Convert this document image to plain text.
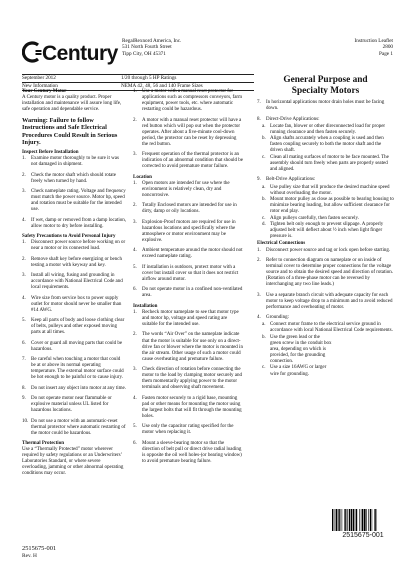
Century
RegalRexnord America, Inc.
531 North Fourth Street
Tipp City, OH 45371
Instruction Leaflet
2800
Page 1
September 2012	1/20 through 5 HP Ratings
New Information	NEMA 42, 48, 56 and 140 Frame Sizes
Your Century Motor

A Century motor is a quality product. Proper installation and maintenance will assure long life, safe operation and dependable service.

Warning: Failure to follow Instructions and Safe Electrical Procedures Could Result in Serious Injury.

Inspect Before Installation
1. Examine motor thoroughly to be sure it was not damaged in shipment.
2. Check the motor shaft which should rotate freely when turned by hand.
3. Check nameplate rating. Voltage and frequency must match the power source. Motor hp, speed and rotation must be suitable for the intended use.
4. If wet, damp or removed from a damp location, allow motor to dry before installing.
Safety Precautions to Avoid Personal Injury
1. Disconnect power source before working on or near a motor or its connected load.
2. Remove shaft key before energizing or bench testing a motor with keyway and key.
3. Install all wiring, fusing and grounding in accordance with National Electrical Code and local requirements.
4. Wire size from service box to power supply outlet for motor should never be smaller than #14 AWG.
5. Keep all parts of body and loose clothing clear of belts, pulleys and other exposed moving parts at all times.
6. Cover or guard all moving parts that could be hazardous.
7. Be careful when touching a motor that could be at or above its normal operating temperature. The external motor surface could be hot enough to be painful or to cause injury.
8. Do not insert any object into motor at any time.
9. Do not operate motor near flammable or explosive material unless UL listed for hazardous locations.
10. Do not use a motor with an automatic-reset thermal protector where automatic restarting of the motor could be hazardous.
Thermal Protection

Use a “Thermally Protected” motor wherever required by safety regulations or an Underwriters’ Laboratories Standard, or where severe overloading, jamming or other abnormal operating conditions may occur.

1. Use a motor with a manual reset protector for applications such as compressors conveyors, farm equipment, power tools, etc. where automatic restarting could be hazardous.
2. A motor with a manual reset protector will have a red button which will pop out when the protector operates. After about a five-minute cool-down period, the protector can be reset by depressing the red button.
3. Frequent operation of the thermal protector is an indication of an abnormal condition that should be corrected to avoid premature motor failure.
Location
1. Open motors are intended for use where the environment is relatively clean, dry and noncorrosive.
2. Totally Enclosed motors are intended for use in dirty, damp or oily locations.
3. Explosion-Proof motors are required for use in hazardous locations and specifically where the atmosphere or motor environment may be explosive.
4. Ambient temperature around the motor should not exceed nameplate rating.
5. If installation is outdoors, protect motor with a cover but install cover so that it does not restrict airflow around motor.
6. Do not operate motor in a confined non-ventilated area.
Installation
1. Recheck motor nameplate to see that motor type and motor hp, voltage and speed rating are suitable for the intended use.
2. The words “Air Over” on the nameplate indicate that the motor is suitable for use only on a direct-drive fan or blower where the motor is mounted in the air stream. Other usage of such a motor could cause overheating and premature failure.
3. Check direction of rotation before connecting the motor to the load by clamping motor securely and them momentarily applying power to the motor terminals and observing shaft movement.
4. Fasten motor securely to a rigid base, mounting pad or other means for mounting the motor using the largest bolts that will fit through the mounting holes.
5. Use only the capacitor rating specified for the motor when replacing it.
6. Mount a sleeve-bearing motor so that the direction of belt pull or direct drive radial loading is opposite the oil well holes-(or bearing window) to avoid premature bearing failure.
General Purpose and
Specialty Motors
7. In horizontal applications motor drain holes must be facing down.
8. Direct-Drive Applications:
a. Locate fan, blower or other direconnected load for proper running clearance and then fasten securely.
b. Align shafts accurately when a coupling is used and then fasten coupling securely to both the motor shaft and the driven shaft.
c. Clean all mating surfaces of motor to be face mounted. The assembly should turn freely when parts are properly seated and aligned.
9. Belt-Drive Applications:
a. Use pulley size that will produce the desired machine speed without overloading the motor.
b. Mount motor pulley as close as possible to bearing housing to minimize bearing loading, but allow sufficient clearance for rotor end play.
c. Align pulleys carefully, then fasten securely.
d. Tighten belt only enough to prevent slippage. A properly adjusted belt will deflect about ½ inch when light finger pressure is.
Electrical Connections
1. Disconnect power source and tag or lock open before starting.
2. Refer to connection diagram on nameplate or on inside of terminal cover to determine proper connections for the voltage source and to obtain the desired speed and direction of rotation. (Rotation of a three-phase motor can be reversed by interchanging any two line leads.)
3. Use a separate branch circuit with adequate capacity for each motor to keep voltage drop to a minimum and to avoid reduced performance and overheating of motor.
4. Grounding:
a. Connect motor frame to the electrical service ground in accordance with local National Electrical Code requirements.
b. Use the green lead or the green screw in the conduit box area, depending on which is provided, for the grounding connection.
c. Use a size 16AWG or larger wire for grounding.
2515675-001
2515675-001
Rev. H
